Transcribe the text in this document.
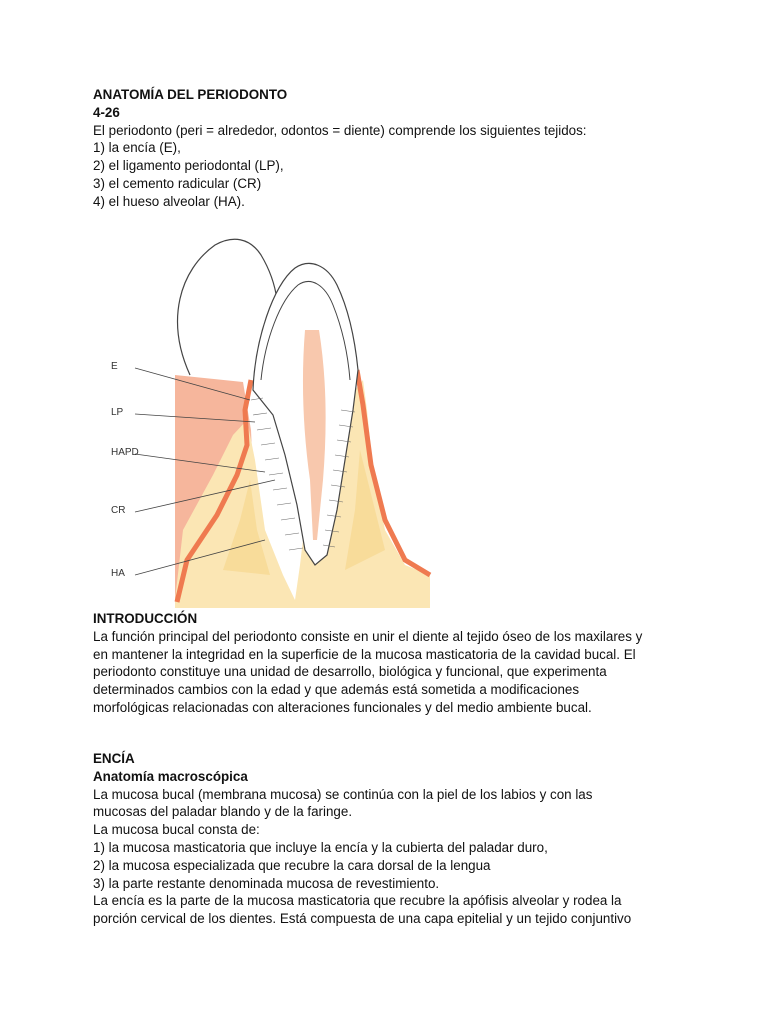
ANATOMÍA DEL PERIODONTO

4-26

El periodonto (peri = alrededor, odontos = diente) comprende los siguientes tejidos:

1) la encía (E),

2) el ligamento periodontal (LP),

3) el cemento radicular (CR)

4) el hueso alveolar (HA).

E
LP
HAPD
CR
HA

INTRODUCCIÓN

La función principal del periodonto consiste en unir el diente al tejido óseo de los maxilares y

en mantener la integridad en la superficie de la mucosa masticatoria de la cavidad bucal. El

periodonto constituye una unidad de desarrollo, biológica y funcional, que experimenta

determinados cambios con la edad y que además está sometida a modificaciones

morfológicas relacionadas con alteraciones funcionales y del medio ambiente bucal.

ENCÍA

Anatomía macroscópica

La mucosa bucal (membrana mucosa) se continúa con la piel de los labios y con las

mucosas del paladar blando y de la faringe.

La mucosa bucal consta de:

1) la mucosa masticatoria que incluye la encía y la cubierta del paladar duro,

2) la mucosa especializada que recubre la cara dorsal de la lengua

3) la parte restante denominada mucosa de revestimiento.

La encía es la parte de la mucosa masticatoria que recubre la apófisis alveolar y rodea la

porción cervical de los dientes. Está compuesta de una capa epitelial y un tejido conjuntivo
